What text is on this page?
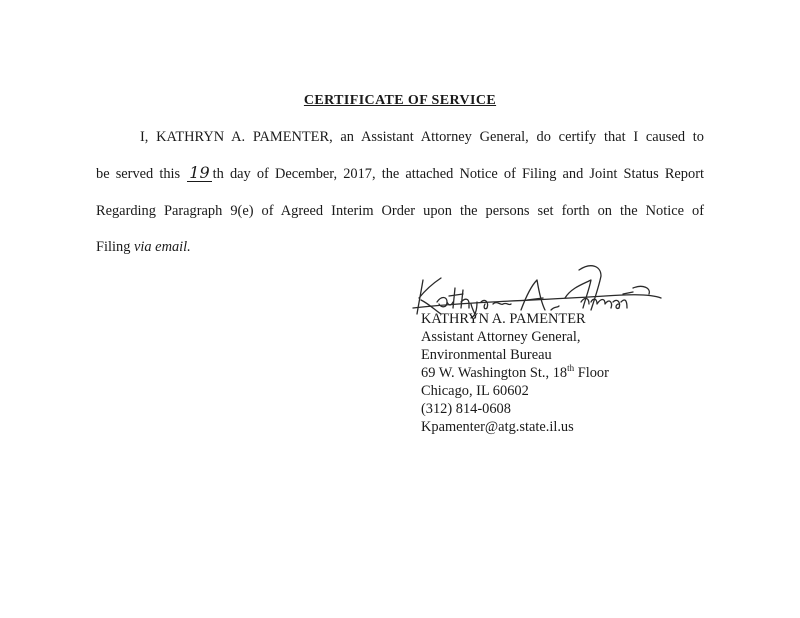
CERTIFICATE OF SERVICE
I, KATHRYN A. PAMENTER, an Assistant Attorney General, do certify that I caused to
be served this 19 th day of December, 2017, the attached Notice of Filing and Joint Status Report
Regarding Paragraph 9(e) of Agreed Interim Order upon the persons set forth on the Notice of
Filing via email.
KATHRYN A. PAMENTER
Assistant Attorney General,
Environmental Bureau
69 W. Washington St., 18th Floor
Chicago, IL 60602
(312) 814-0608
Kpamenter@atg.state.il.us
